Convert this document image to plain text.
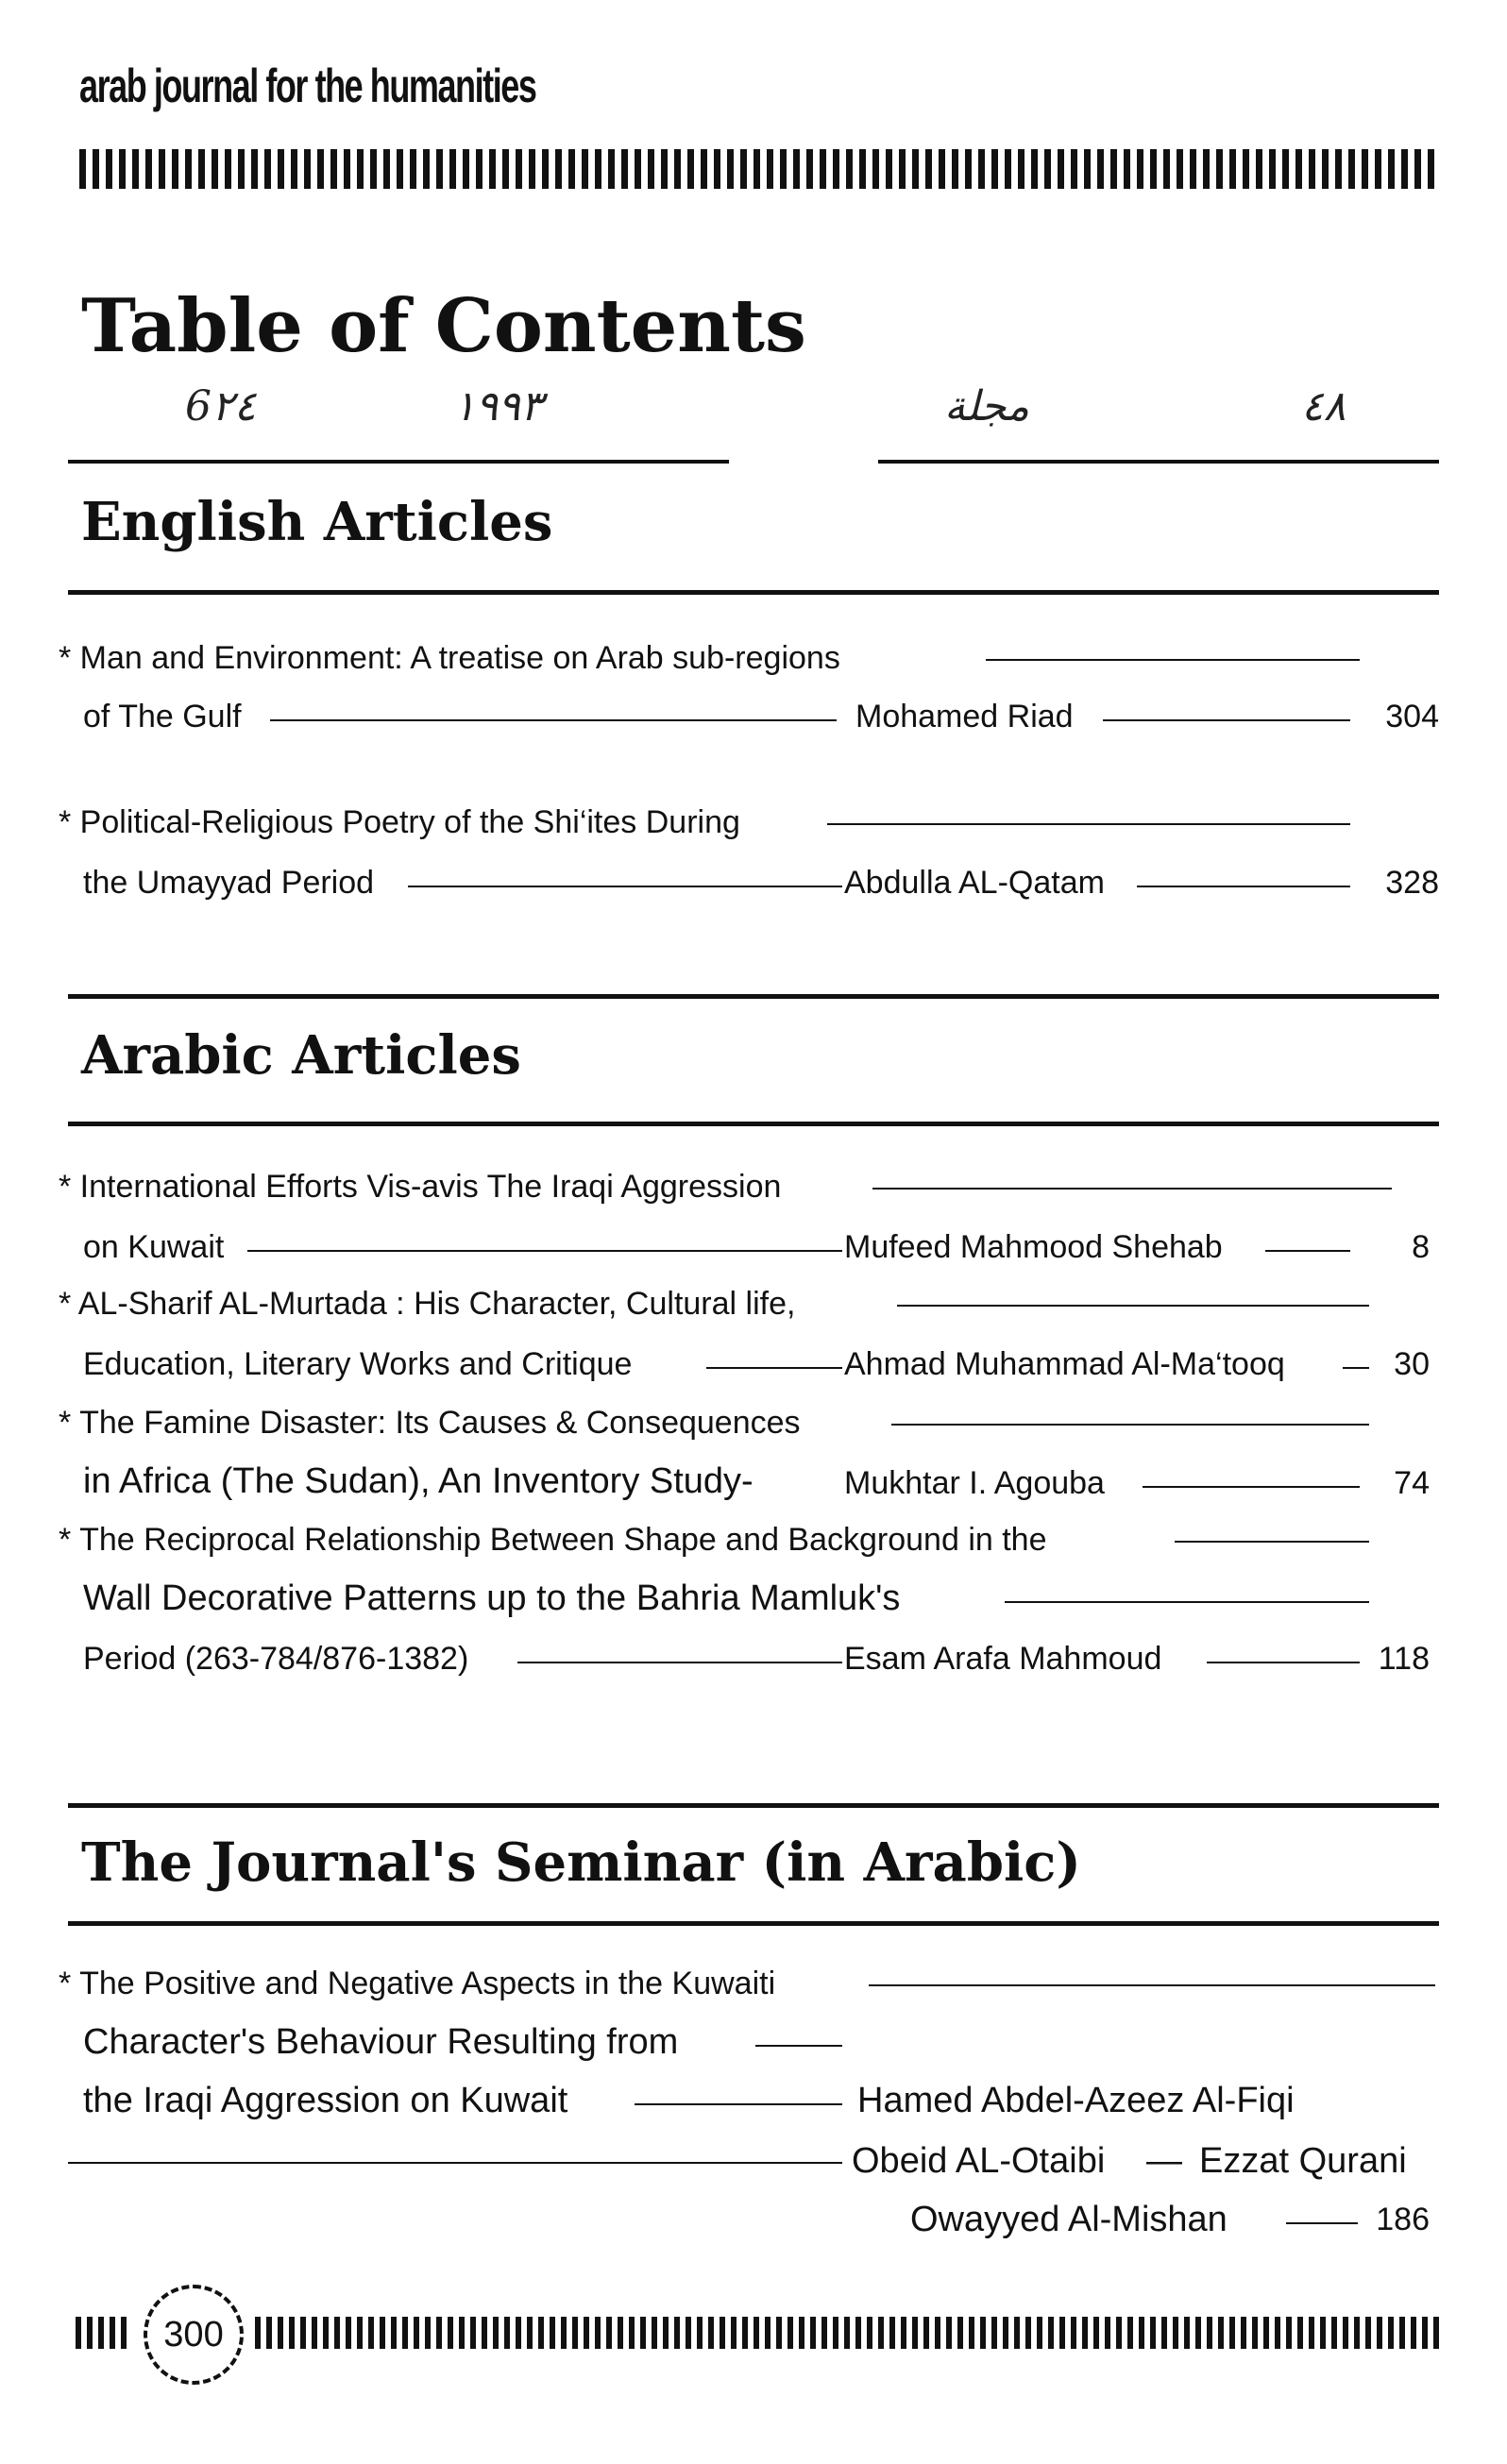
arab journal for the humanities
Table of Contents
6٢٤	١٩٩٣	مجلة	٤٨
English Articles
* Man and Environment: A treatise on Arab sub-regions
of The Gulf	Mohamed Riad	304
* Political-Religious Poetry of the Shi‘ites During
the Umayyad Period	Abdulla AL-Qatam	328
Arabic Articles
* International Efforts Vis-avis The Iraqi Aggression
on Kuwait	Mufeed Mahmood Shehab	8
* AL-Sharif AL-Murtada : His Character, Cultural life,
Education, Literary Works and Critique	Ahmad Muhammad Al-Ma‘tooq	30
* The Famine Disaster: Its Causes & Consequences
in Africa (The Sudan), An Inventory Study-	Mukhtar I. Agouba	74
* The Reciprocal Relationship Between Shape and Background in the
Wall Decorative Patterns up to the Bahria Mamluk's
Period (263-784/876-1382)	Esam Arafa Mahmoud	118
The Journal's Seminar (in Arabic)
* The Positive and Negative Aspects in the Kuwaiti
Character's Behaviour Resulting from
the Iraqi Aggression on Kuwait	Hamed Abdel-Azeez Al-Fiqi
Obeid AL-Otaibi — Ezzat Qurani
Owayyed Al-Mishan	186
300
